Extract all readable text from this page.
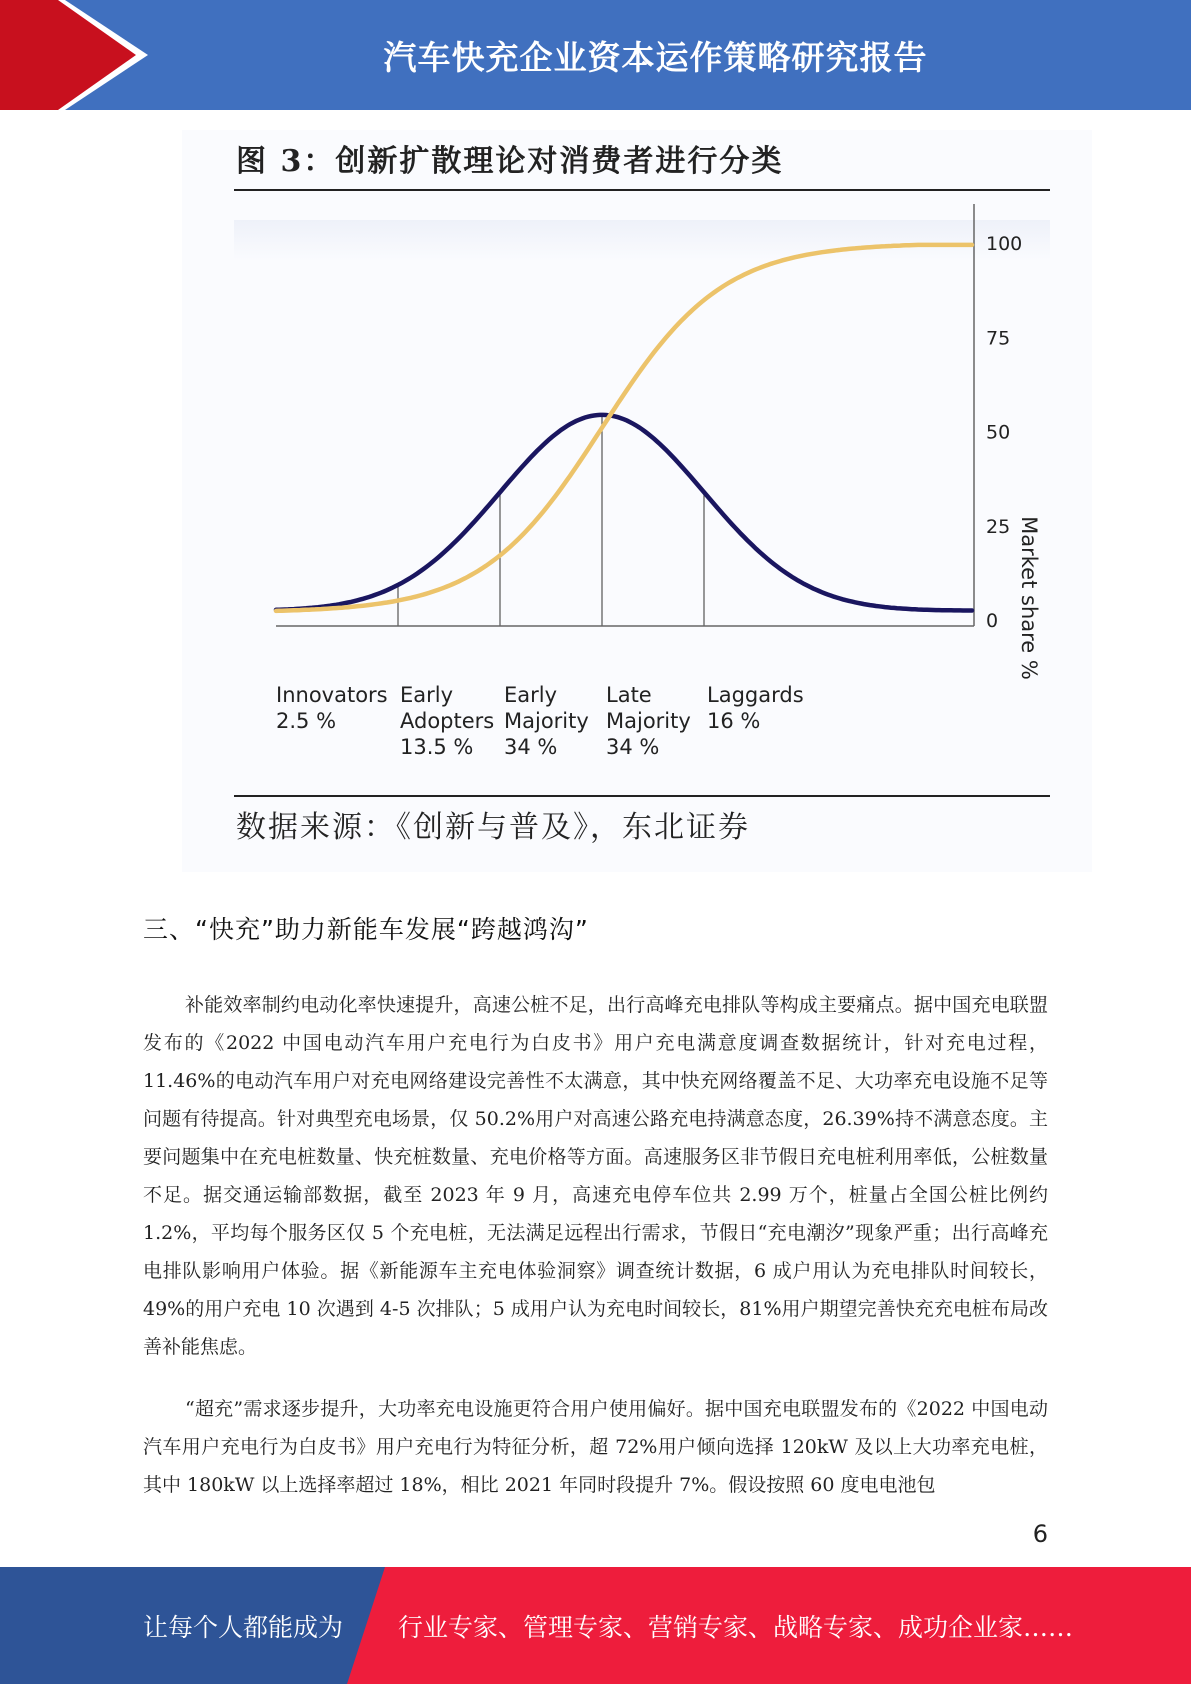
汽车快充企业资本运作策略研究报告
图 3：创新扩散理论对消费者进行分类
0
25
50
75
100
Innovators
2.5 %
Early
Adopters
13.5 %
Early
Majority
34 %
Late
Majority
34 %
Laggards
16 %
Market share %
数据来源：《创新与普及》，东北证券
三、“快充”助力新能车发展“跨越鸿沟”

补能效率制约电动化率快速提升，高速公桩不足，出行高峰充电排队等构成主要痛点。据中国充电联盟发布的《2022 中国电动汽车用户充电行为白皮书》用户充电满意度调查数据统计，针对充电过程，11.46%的电动汽车用户对充电网络建设完善性不太满意，其中快充网络覆盖不足、大功率充电设施不足等问题有待提高。针对典型充电场景，仅 50.2%用户对高速公路充电持满意态度，26.39%持不满意态度。主要问题集中在充电桩数量、快充桩数量、充电价格等方面。高速服务区非节假日充电桩利用率低，公桩数量不足。据交通运输部数据，截至 2023 年 9 月，高速充电停车位共 2.99 万个，桩量占全国公桩比例约 1.2%，平均每个服务区仅 5 个充电桩，无法满足远程出行需求，节假日“充电潮汐”现象严重；出行高峰充电排队影响用户体验。据《新能源车主充电体验洞察》调查统计数据，6 成户用认为充电排队时间较长，49%的用户充电 10 次遇到 4-5 次排队；5 成用户认为充电时间较长，81%用户期望完善快充充电桩布局改善补能焦虑。

“超充”需求逐步提升，大功率充电设施更符合用户使用偏好。据中国充电联盟发布的《2022 中国电动汽车用户充电行为白皮书》用户充电行为特征分析，超 72%用户倾向选择 120kW 及以上大功率充电桩，其中 180kW 以上选择率超过 18%，相比 2021 年同时段提升 7%。假设按照 60 度电电池包

6
让每个人都能成为 行业专家、管理专家、营销专家、战略专家、成功企业家……
